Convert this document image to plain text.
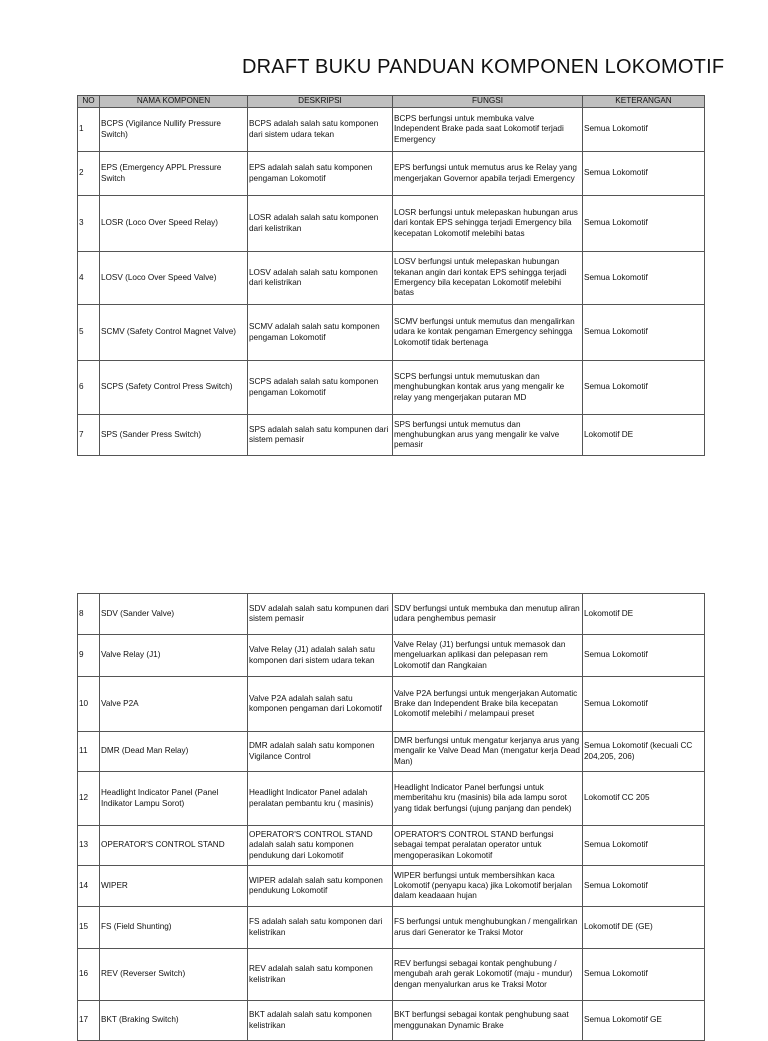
DRAFT BUKU PANDUAN KOMPONEN LOKOMOTIF
NO	NAMA KOMPONEN	DESKRIPSI	FUNGSI	KETERANGAN
1	BCPS (Vigilance Nullify Pressure Switch)	BCPS adalah salah satu komponen dari sistem udara tekan	BCPS berfungsi untuk membuka valve Independent Brake pada saat Lokomotif terjadi Emergency	Semua Lokomotif
2	EPS (Emergency APPL Pressure Switch	EPS adalah salah satu komponen pengaman Lokomotif	EPS berfungsi untuk memutus arus ke Relay yang mengerjakan Governor apabila terjadi Emergency	Semua Lokomotif
3	LOSR (Loco Over Speed Relay)	LOSR adalah salah satu komponen dari kelistrikan	LOSR berfungsi untuk melepaskan hubungan arus dari kontak EPS sehingga terjadi Emergency bila kecepatan Lokomotif melebihi batas	Semua Lokomotif
4	LOSV (Loco Over Speed Valve)	LOSV adalah salah satu komponen dari kelistrikan	LOSV berfungsi untuk melepaskan hubungan tekanan angin dari kontak EPS sehingga terjadi Emergency bila kecepatan Lokomotif melebihi batas	Semua Lokomotif
5	SCMV (Safety Control Magnet Valve)	SCMV adalah salah satu komponen pengaman Lokomotif	SCMV berfungsi untuk memutus dan mengalirkan udara ke kontak pengaman Emergency sehingga Lokomotif tidak bertenaga	Semua Lokomotif
6	SCPS (Safety Control Press Switch)	SCPS adalah salah satu komponen pengaman Lokomotif	SCPS berfungsi untuk memutuskan dan menghubungkan kontak arus yang mengalir ke relay yang mengerjakan putaran MD	Semua Lokomotif
7	SPS (Sander Press Switch)	SPS adalah salah satu kompunen dari sistem pemasir	SPS berfungsi untuk memutus dan menghubungkan arus yang mengalir ke valve pemasir	Lokomotif DE
8	SDV (Sander Valve)	SDV adalah salah satu kompunen dari sistem pemasir	SDV berfungsi untuk membuka dan menutup aliran udara penghembus pemasir	Lokomotif DE
9	Valve Relay (J1)	Valve Relay (J1) adalah salah satu komponen dari sistem udara tekan	Valve Relay (J1) berfungsi untuk memasok dan mengeluarkan aplikasi dan pelepasan rem Lokomotif dan Rangkaian	Semua Lokomotif
10	Valve P2A	Valve P2A adalah salah satu komponen pengaman dari Lokomotif	Valve P2A berfungsi untuk mengerjakan Automatic Brake dan Independent Brake bila kecepatan Lokomotif melebihi / melampaui preset	Semua Lokomotif
11	DMR (Dead Man Relay)	DMR adalah salah satu komponen Vigilance Control	DMR berfungsi untuk mengatur kerjanya arus yang mengalir ke Valve Dead Man (mengatur kerja Dead Man)	Semua Lokomotif (kecuali CC 204,205, 206)
12	Headlight Indicator Panel (Panel Indikator Lampu Sorot)	Headlight Indicator Panel adalah peralatan pembantu kru ( masinis)	Headlight Indicator Panel berfungsi untuk memberitahu kru (masinis) bila ada lampu sorot yang tidak berfungsi (ujung panjang dan pendek)	Lokomotif CC 205
13	OPERATOR'S CONTROL STAND	OPERATOR'S CONTROL STAND adalah salah satu komponen pendukung dari Lokomotif	OPERATOR'S CONTROL STAND berfungsi sebagai tempat peralatan operator untuk mengoperasikan Lokomotif	Semua Lokomotif
14	WIPER	WIPER adalah salah satu komponen pendukung Lokomotif	WIPER berfungsi untuk membersihkan kaca Lokomotif (penyapu kaca) jika Lokomotif berjalan dalam keadaaan hujan	Semua Lokomotif
15	FS (Field Shunting)	FS adalah salah satu komponen dari kelistrikan	FS berfungsi untuk menghubungkan / mengalirkan arus dari Generator ke Traksi Motor	Lokomotif DE (GE)
16	REV (Reverser Switch)	REV adalah salah satu komponen kelistrikan	REV berfungsi sebagai kontak penghubung / mengubah arah gerak Lokomotif (maju - mundur) dengan menyalurkan arus ke Traksi Motor	Semua Lokomotif
17	BKT (Braking Switch)	BKT adalah salah satu komponen kelistrikan	BKT berfungsi sebagai kontak penghubung saat menggunakan Dynamic Brake	Semua Lokomotif GE
